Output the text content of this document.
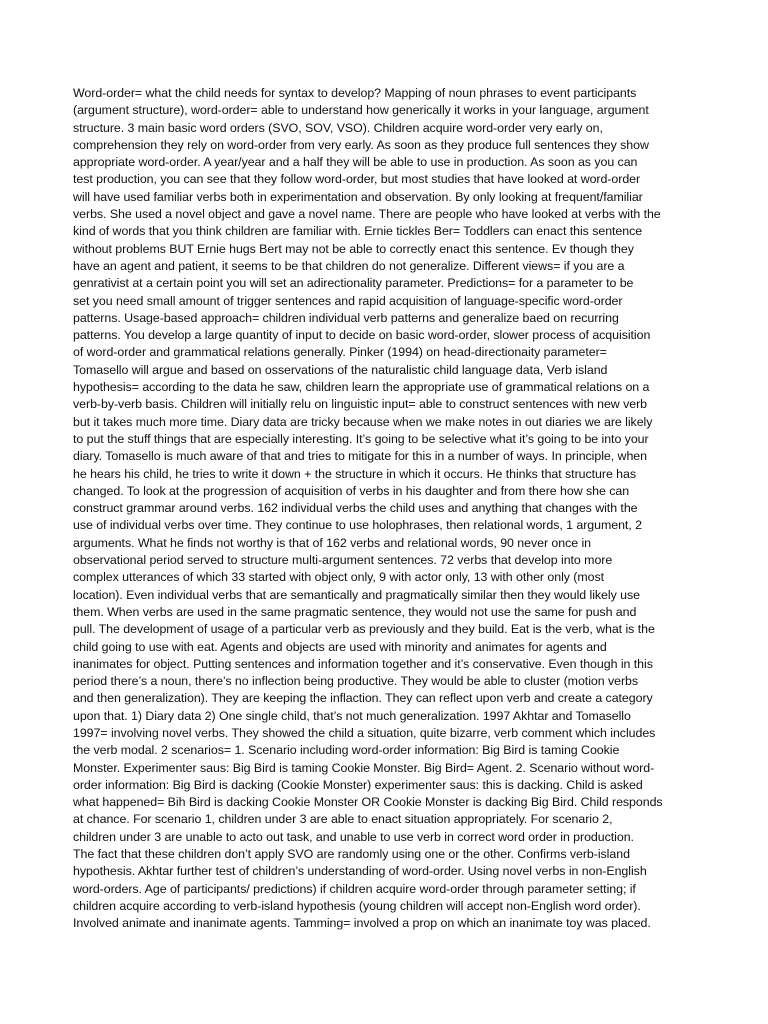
Word-order= what the child needs for syntax to develop? Mapping of noun phrases to event participants
(argument structure), word-order= able to understand how generically it works in your language, argument
structure. 3 main basic word orders (SVO, SOV, VSO). Children acquire word-order very early on,
comprehension they rely on word-order from very early. As soon as they produce full sentences they show
appropriate word-order. A year/year and a half they will be able to use in production. As soon as you can
test production, you can see that they follow word-order, but most studies that have looked at word-order
will have used familiar verbs both in experimentation and observation. By only looking at frequent/familiar
verbs. She used a novel object and gave a novel name. There are people who have looked at verbs with the
kind of words that you think children are familiar with. Ernie tickles Ber= Toddlers can enact this sentence
without problems BUT Ernie hugs Bert may not be able to correctly enact this sentence. Ev though they
have an agent and patient, it seems to be that children do not generalize. Different views= if you are a
genrativist at a certain point you will set an adirectionality parameter. Predictions= for a parameter to be
set you need small amount of trigger sentences and rapid acquisition of language-specific word-order
patterns. Usage-based approach= children individual verb patterns and generalize baed on recurring
patterns. You develop a large quantity of input to decide on basic word-order, slower process of acquisition
of word-order and grammatical relations generally. Pinker (1994) on head-directionaity parameter=
Tomasello will argue and based on osservations of the naturalistic child language data, Verb island
hypothesis= according to the data he saw, children learn the appropriate use of grammatical relations on a
verb-by-verb basis. Children will initially relu on linguistic input= able to construct sentences with new verb
but it takes much more time. Diary data are tricky because when we make notes in out diaries we are likely
to put the stuff things that are especially interesting. It’s going to be selective what it’s going to be into your
diary. Tomasello is much aware of that and tries to mitigate for this in a number of ways. In principle, when
he hears his child, he tries to write it down + the structure in which it occurs. He thinks that structure has
changed. To look at the progression of acquisition of verbs in his daughter and from there how she can
construct grammar around verbs. 162 individual verbs the child uses and anything that changes with the
use of individual verbs over time. They continue to use holophrases, then relational words, 1 argument, 2
arguments. What he finds not worthy is that of 162 verbs and relational words, 90 never once in
observational period served to structure multi-argument sentences. 72 verbs that develop into more
complex utterances of which 33 started with object only, 9 with actor only, 13 with other only (most
location). Even individual verbs that are semantically and pragmatically similar then they would likely use
them. When verbs are used in the same pragmatic sentence, they would not use the same for push and
pull. The development of usage of a particular verb as previously and they build. Eat is the verb, what is the
child going to use with eat. Agents and objects are used with minority and animates for agents and
inanimates for object. Putting sentences and information together and it’s conservative. Even though in this
period there’s a noun, there’s no inflection being productive. They would be able to cluster (motion verbs
and then generalization). They are keeping the inflaction. They can reflect upon verb and create a category
upon that. 1) Diary data 2) One single child, that’s not much generalization. 1997 Akhtar and Tomasello
1997= involving novel verbs. They showed the child a situation, quite bizarre, verb comment which includes
the verb modal. 2 scenarios= 1. Scenario including word-order information: Big Bird is taming Cookie
Monster. Experimenter saus: Big Bird is taming Cookie Monster. Big Bird= Agent. 2. Scenario without word-
order information: Big Bird is dacking (Cookie Monster) experimenter saus: this is dacking. Child is asked
what happened= Bih Bird is dacking Cookie Monster OR Cookie Monster is dacking Big Bird. Child responds
at chance. For scenario 1, children under 3 are able to enact situation appropriately. For scenario 2,
children under 3 are unable to acto out task, and unable to use verb in correct word order in production.
The fact that these children don’t apply SVO are randomly using one or the other. Confirms verb-island
hypothesis. Akhtar further test of children’s understanding of word-order. Using novel verbs in non-English
word-orders. Age of participants/ predictions) if children acquire word-order through parameter setting; if
children acquire according to verb-island hypothesis (young children will accept non-English word order).
Involved animate and inanimate agents. Tamming= involved a prop on which an inanimate toy was placed.
